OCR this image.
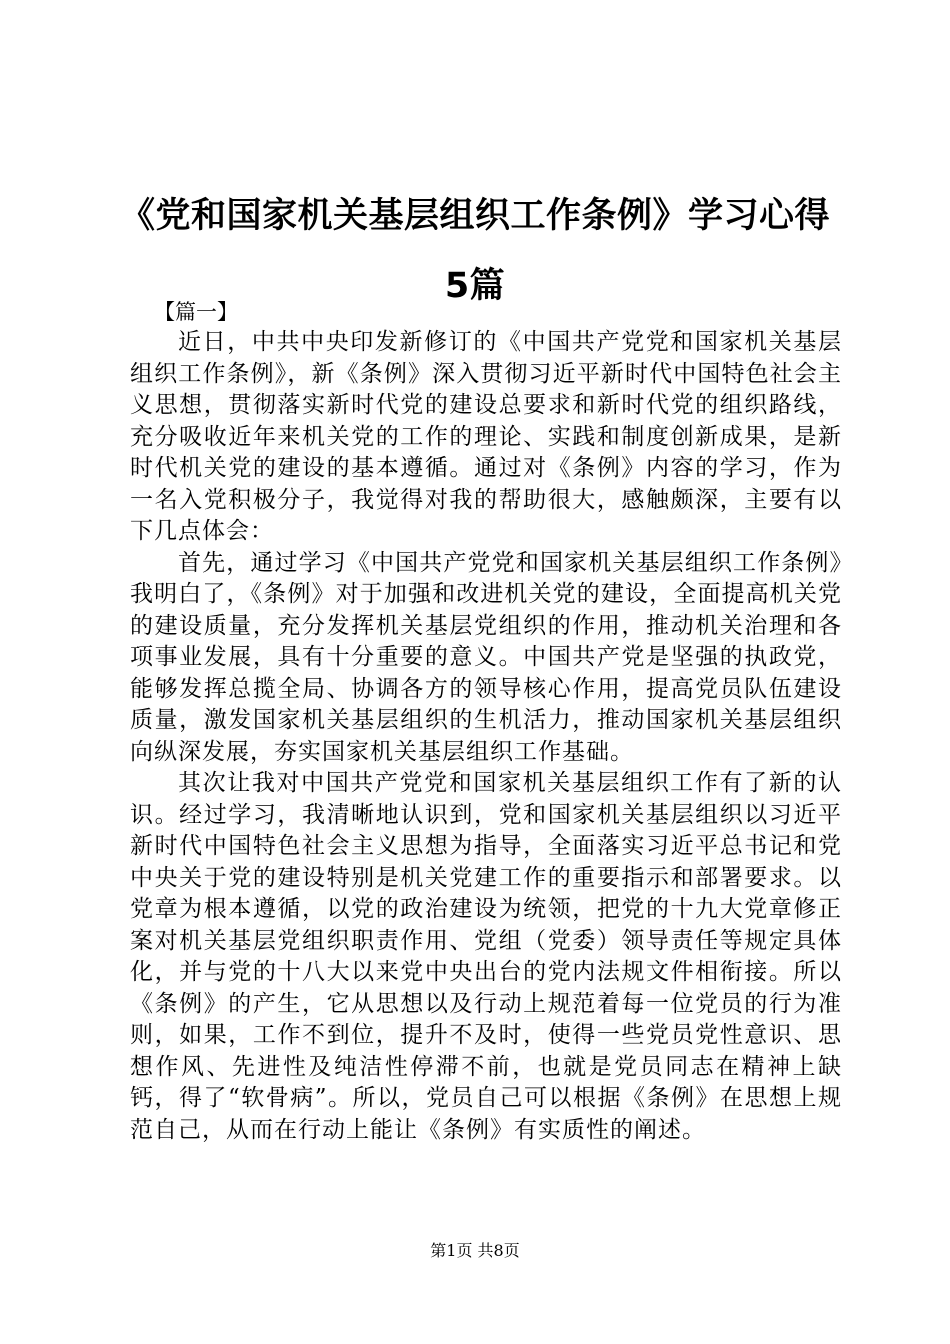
《党和国家机关基层组织工作条例》学习心得
5篇
【篇一】

近日，中共中央印发新修订的《中国共产党党和国家机关基层组织工作条例》，新《条例》深入贯彻习近平新时代中国特色社会主义思想，贯彻落实新时代党的建设总要求和新时代党的组织路线，充分吸收近年来机关党的工作的理论、实践和制度创新成果，是新时代机关党的建设的基本遵循。通过对《条例》内容的学习，作为一名入党积极分子，我觉得对我的帮助很大，感触颇深，主要有以下几点体会：

首先，通过学习《中国共产党党和国家机关基层组织工作条例》我明白了，《条例》对于加强和改进机关党的建设，全面提高机关党的建设质量，充分发挥机关基层党组织的作用，推动机关治理和各项事业发展，具有十分重要的意义。中国共产党是坚强的执政党，能够发挥总揽全局、协调各方的领导核心作用，提高党员队伍建设质量，激发国家机关基层组织的生机活力，推动国家机关基层组织向纵深发展，夯实国家机关基层组织工作基础。

其次让我对中国共产党党和国家机关基层组织工作有了新的认识。经过学习，我清晰地认识到，党和国家机关基层组织以习近平新时代中国特色社会主义思想为指导，全面落实习近平总书记和党中央关于党的建设特别是机关党建工作的重要指示和部署要求。以党章为根本遵循，以党的政治建设为统领，把党的十九大党章修正案对机关基层党组织职责作用、党组（党委）领导责任等规定具体化，并与党的十八大以来党中央出台的党内法规文件相衔接。所以《条例》的产生，它从思想以及行动上规范着每一位党员的行为准则，如果，工作不到位，提升不及时，使得一些党员党性意识、思想作风、先进性及纯洁性停滞不前，也就是党员同志在精神上缺钙，得了“软骨病”。所以，党员自己可以根据《条例》在思想上规范自己，从而在行动上能让《条例》有实质性的阐述。

第1页 共8页
